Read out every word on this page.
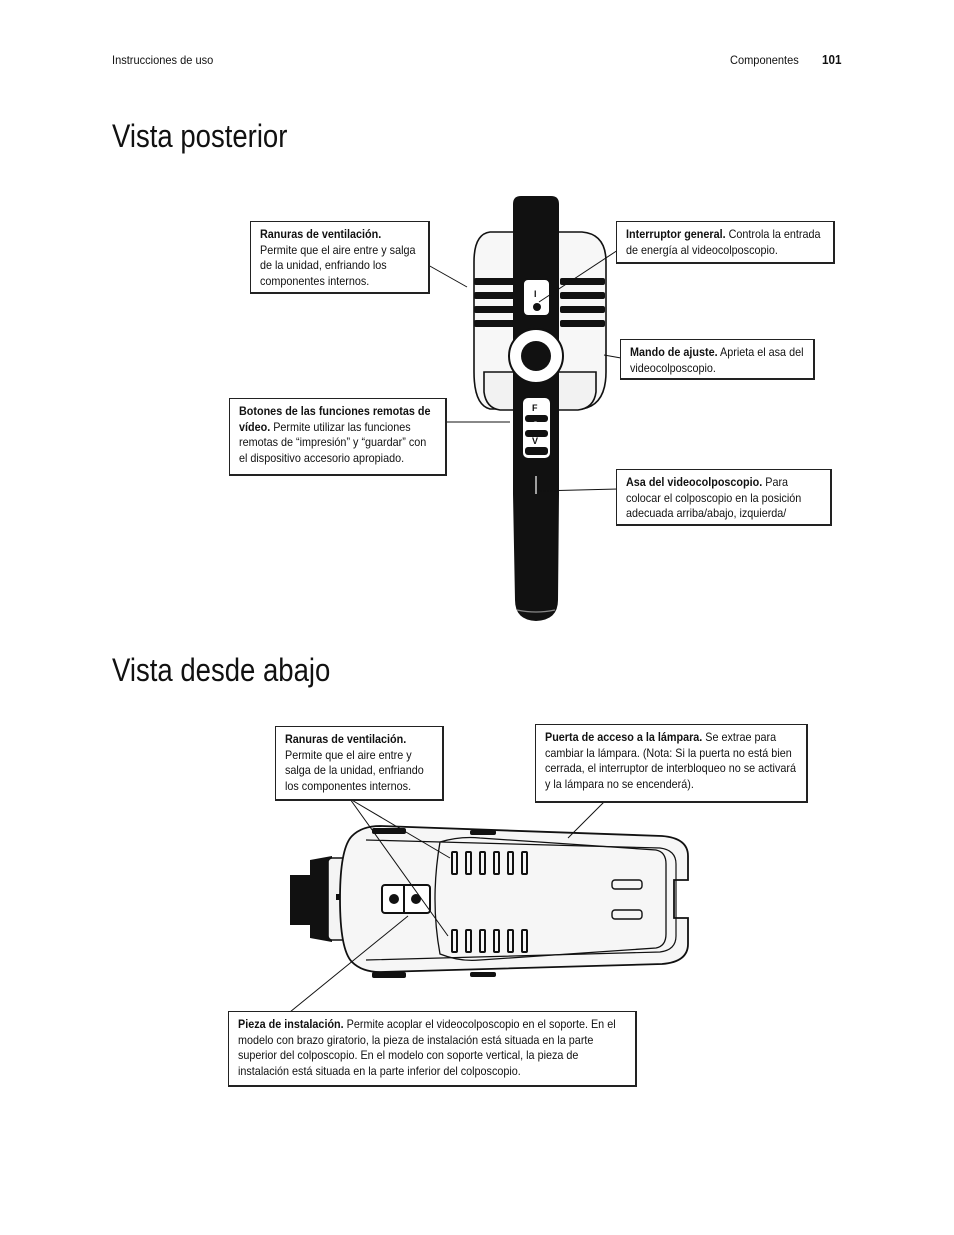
Instrucciones de uso	Componentes 101
Vista posterior
Vista desde abajo
F
C
V
I

Ranuras de ventilación. Permite que el aire entre y salga de la unidad, enfriando los componentes internos.

Interruptor general. Controla la entrada de energía al videocolposcopio.

Mando de ajuste. Aprieta el asa del videocolposcopio.

Botones de las funciones remotas de vídeo. Permite utilizar las funciones remotas de “impresión” y “guardar” con el dispositivo accesorio apropiado.

Asa del videocolposcopio. Para colocar el colposcopio en la posición adecuada arriba/abajo, izquierda/

Ranuras de ventilación. Permite que el aire entre y salga de la unidad, enfriando los componentes internos.

Puerta de acceso a la lámpara. Se extrae para cambiar la lámpara. (Nota: Si la puerta no está bien cerrada, el interruptor de interbloqueo no se activará y la lámpara no se encenderá).

Pieza de instalación. Permite acoplar el videocolposcopio en el soporte. En el modelo con brazo giratorio, la pieza de instalación está situada en la parte superior del colposcopio. En el modelo con soporte vertical, la pieza de instalación está situada en la parte inferior del colposcopio.
